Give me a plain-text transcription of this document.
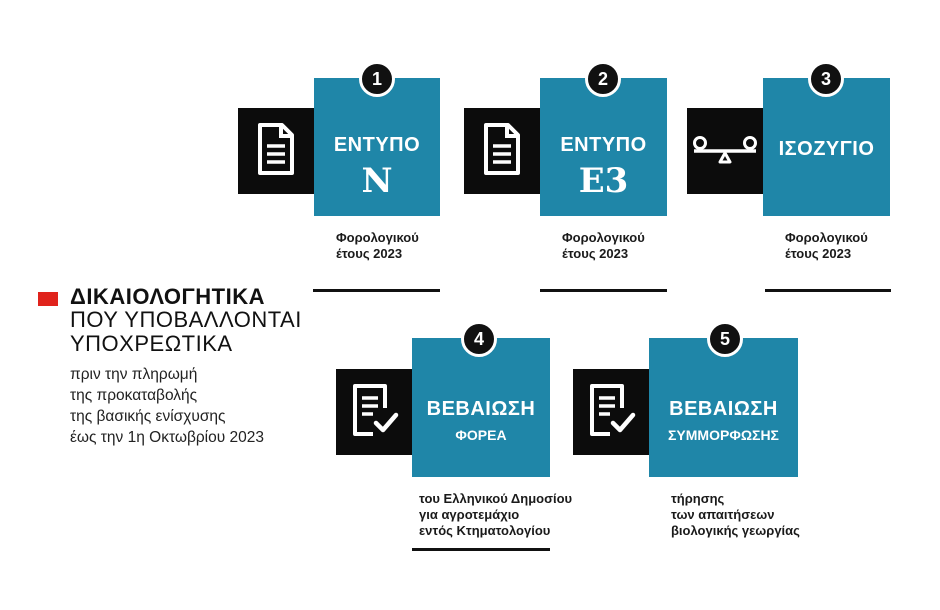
ΔΙΚΑΙΟΛΟΓΗΤΙΚΑ
ΠΟΥ ΥΠΟΒΑΛΛΟΝΤΑΙ
ΥΠΟΧΡΕΩΤΙΚΑ
πριν την πληρωμή
της προκαταβολής
της βασικής ενίσχυσης
έως την 1η Οκτωβρίου 2023
ΕΝΤΥΠΟ
N
1
Φορολογικού
έτους 2023
ΕΝΤΥΠΟ
E3
2
Φορολογικού
έτους 2023
ΙΣΟΖΥΓΙΟ
3
Φορολογικού
έτους 2023
ΒΕΒΑΙΩΣΗ
ΦΟΡΕΑ
4
του Ελληνικού Δημοσίου
για αγροτεμάχιο
εντός Κτηματολογίου
ΒΕΒΑΙΩΣΗ
ΣΥΜΜΟΡΦΩΣΗΣ
5
τήρησης
των απαιτήσεων
βιολογικής γεωργίας
